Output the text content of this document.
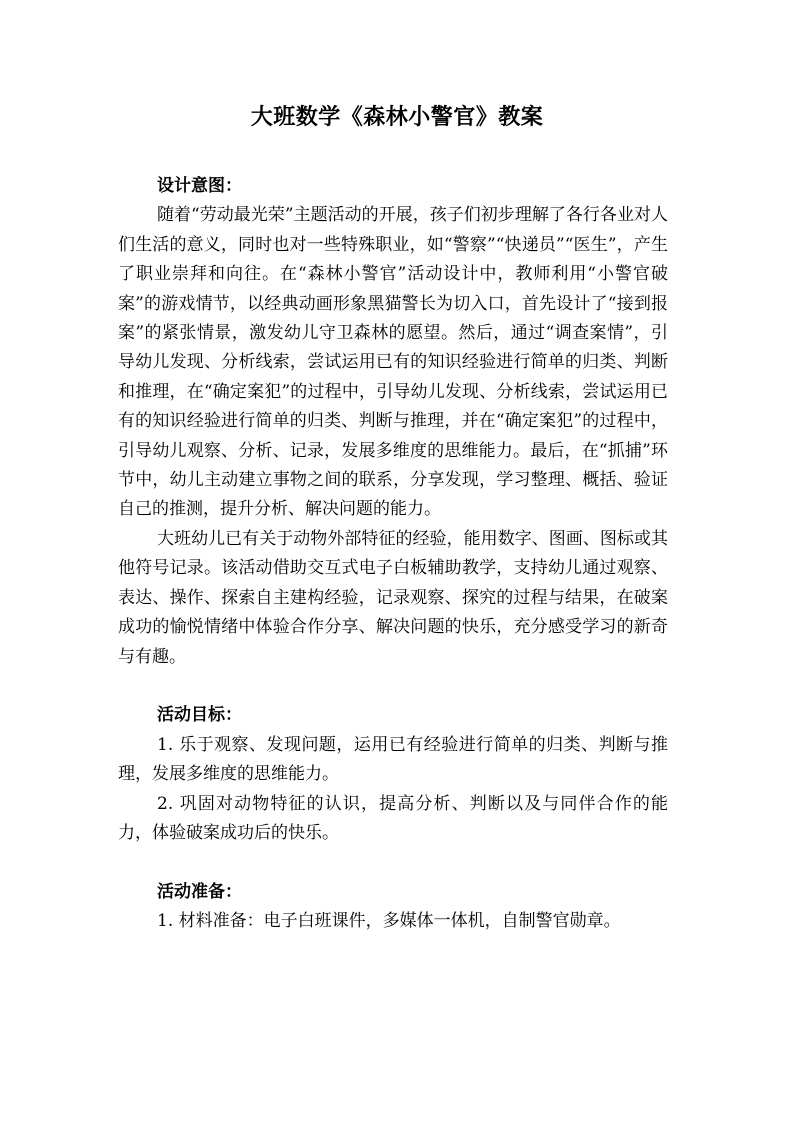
大班数学《森林小警官》教案
设计意图：
随着“劳动最光荣”主题活动的开展，孩子们初步理解了各行各业对人们生活的意义，同时也对一些特殊职业，如“警察”“快递员”“医生”，产生了职业崇拜和向往。在“森林小警官”活动设计中，教师利用“小警官破案”的游戏情节，以经典动画形象黑猫警长为切入口，首先设计了“接到报案”的紧张情景，激发幼儿守卫森林的愿望。然后，通过“调查案情”，引导幼儿发现、分析线索，尝试运用已有的知识经验进行简单的归类、判断和推理，在“确定案犯”的过程中，引导幼儿发现、分析线索，尝试运用已有的知识经验进行简单的归类、判断与推理，并在“确定案犯”的过程中，引导幼儿观察、分析、记录，发展多维度的思维能力。最后，在“抓捕”环节中，幼儿主动建立事物之间的联系，分享发现，学习整理、概括、验证自己的推测，提升分析、解决问题的能力。
大班幼儿已有关于动物外部特征的经验，能用数字、图画、图标或其他符号记录。该活动借助交互式电子白板辅助教学，支持幼儿通过观察、表达、操作、探索自主建构经验，记录观察、探究的过程与结果，在破案成功的愉悦情绪中体验合作分享、解决问题的快乐，充分感受学习的新奇与有趣。
活动目标：
1. 乐于观察、发现问题，运用已有经验进行简单的归类、判断与推理，发展多维度的思维能力。
2. 巩固对动物特征的认识，提高分析、判断以及与同伴合作的能力，体验破案成功后的快乐。
活动准备：
1. 材料准备：电子白班课件，多媒体一体机，自制警官勋章。
